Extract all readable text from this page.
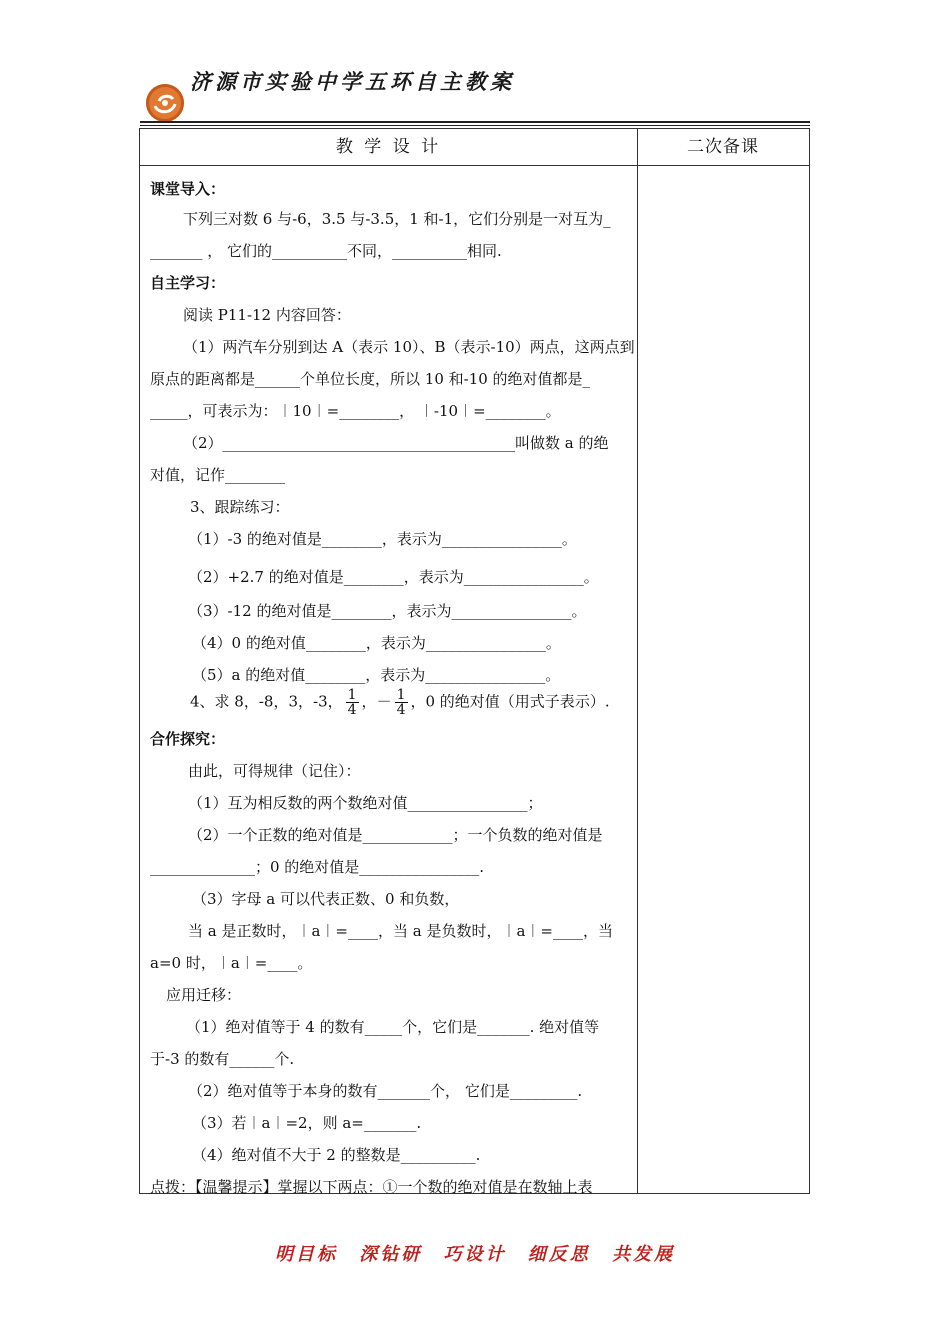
济源市实验中学五环自主教案
教 学 设 计	二次备课
课堂导入：
下列三对数 6 与-6，3.5 与-3.5，1 和-1，它们分别是一对互为_
_______ ， 它们的__________不同，__________相同.
自主学习：
阅读 P11-12 内容回答：
（1）两汽车分别到达 A（表示 10）、B（表示-10）两点，这两点到
原点的距离都是______个单位长度，所以 10 和-10 的绝对值都是_
_____，可表示为：︱10︱=________， ︱-10︱=________。
（2）_______________________________________叫做数 a 的绝
对值，记作________
3、跟踪练习：
（1）-3 的绝对值是________，表示为________________。
（2）+2.7 的绝对值是________，表示为________________。
（3）-12 的绝对值是________，表示为________________。
（4）0 的绝对值________，表示为________________。
（5）a 的绝对值________，表示为________________。
4、求 8，-8，3，-3， $\frac{1}{4}$ ，－ $\frac{1}{4}$ ，0 的绝对值（用式子表示）.
合作探究：
由此，可得规律（记住）：
（1）互为相反数的两个数绝对值________________；
（2）一个正数的绝对值是____________；一个负数的绝对值是
______________；0 的绝对值是________________.
（3）字母 a 可以代表正数、0 和负数，
当 a 是正数时，︱a︱=____，当 a 是负数时，︱a︱=____，当
a=0 时，︱a︱=____。
应用迁移：
（1）绝对值等于 4 的数有_____个，它们是_______. 绝对值等
于-3 的数有______个.
（2）绝对值等于本身的数有_______个， 它们是_________.
（3）若︱a︱=2，则 a=_______.
（4）绝对值不大于 2 的整数是__________.
点拨：【温馨提示】掌握以下两点：①一个数的绝对值是在数轴上表
明目标 深钻研 巧设计 细反思 共发展
